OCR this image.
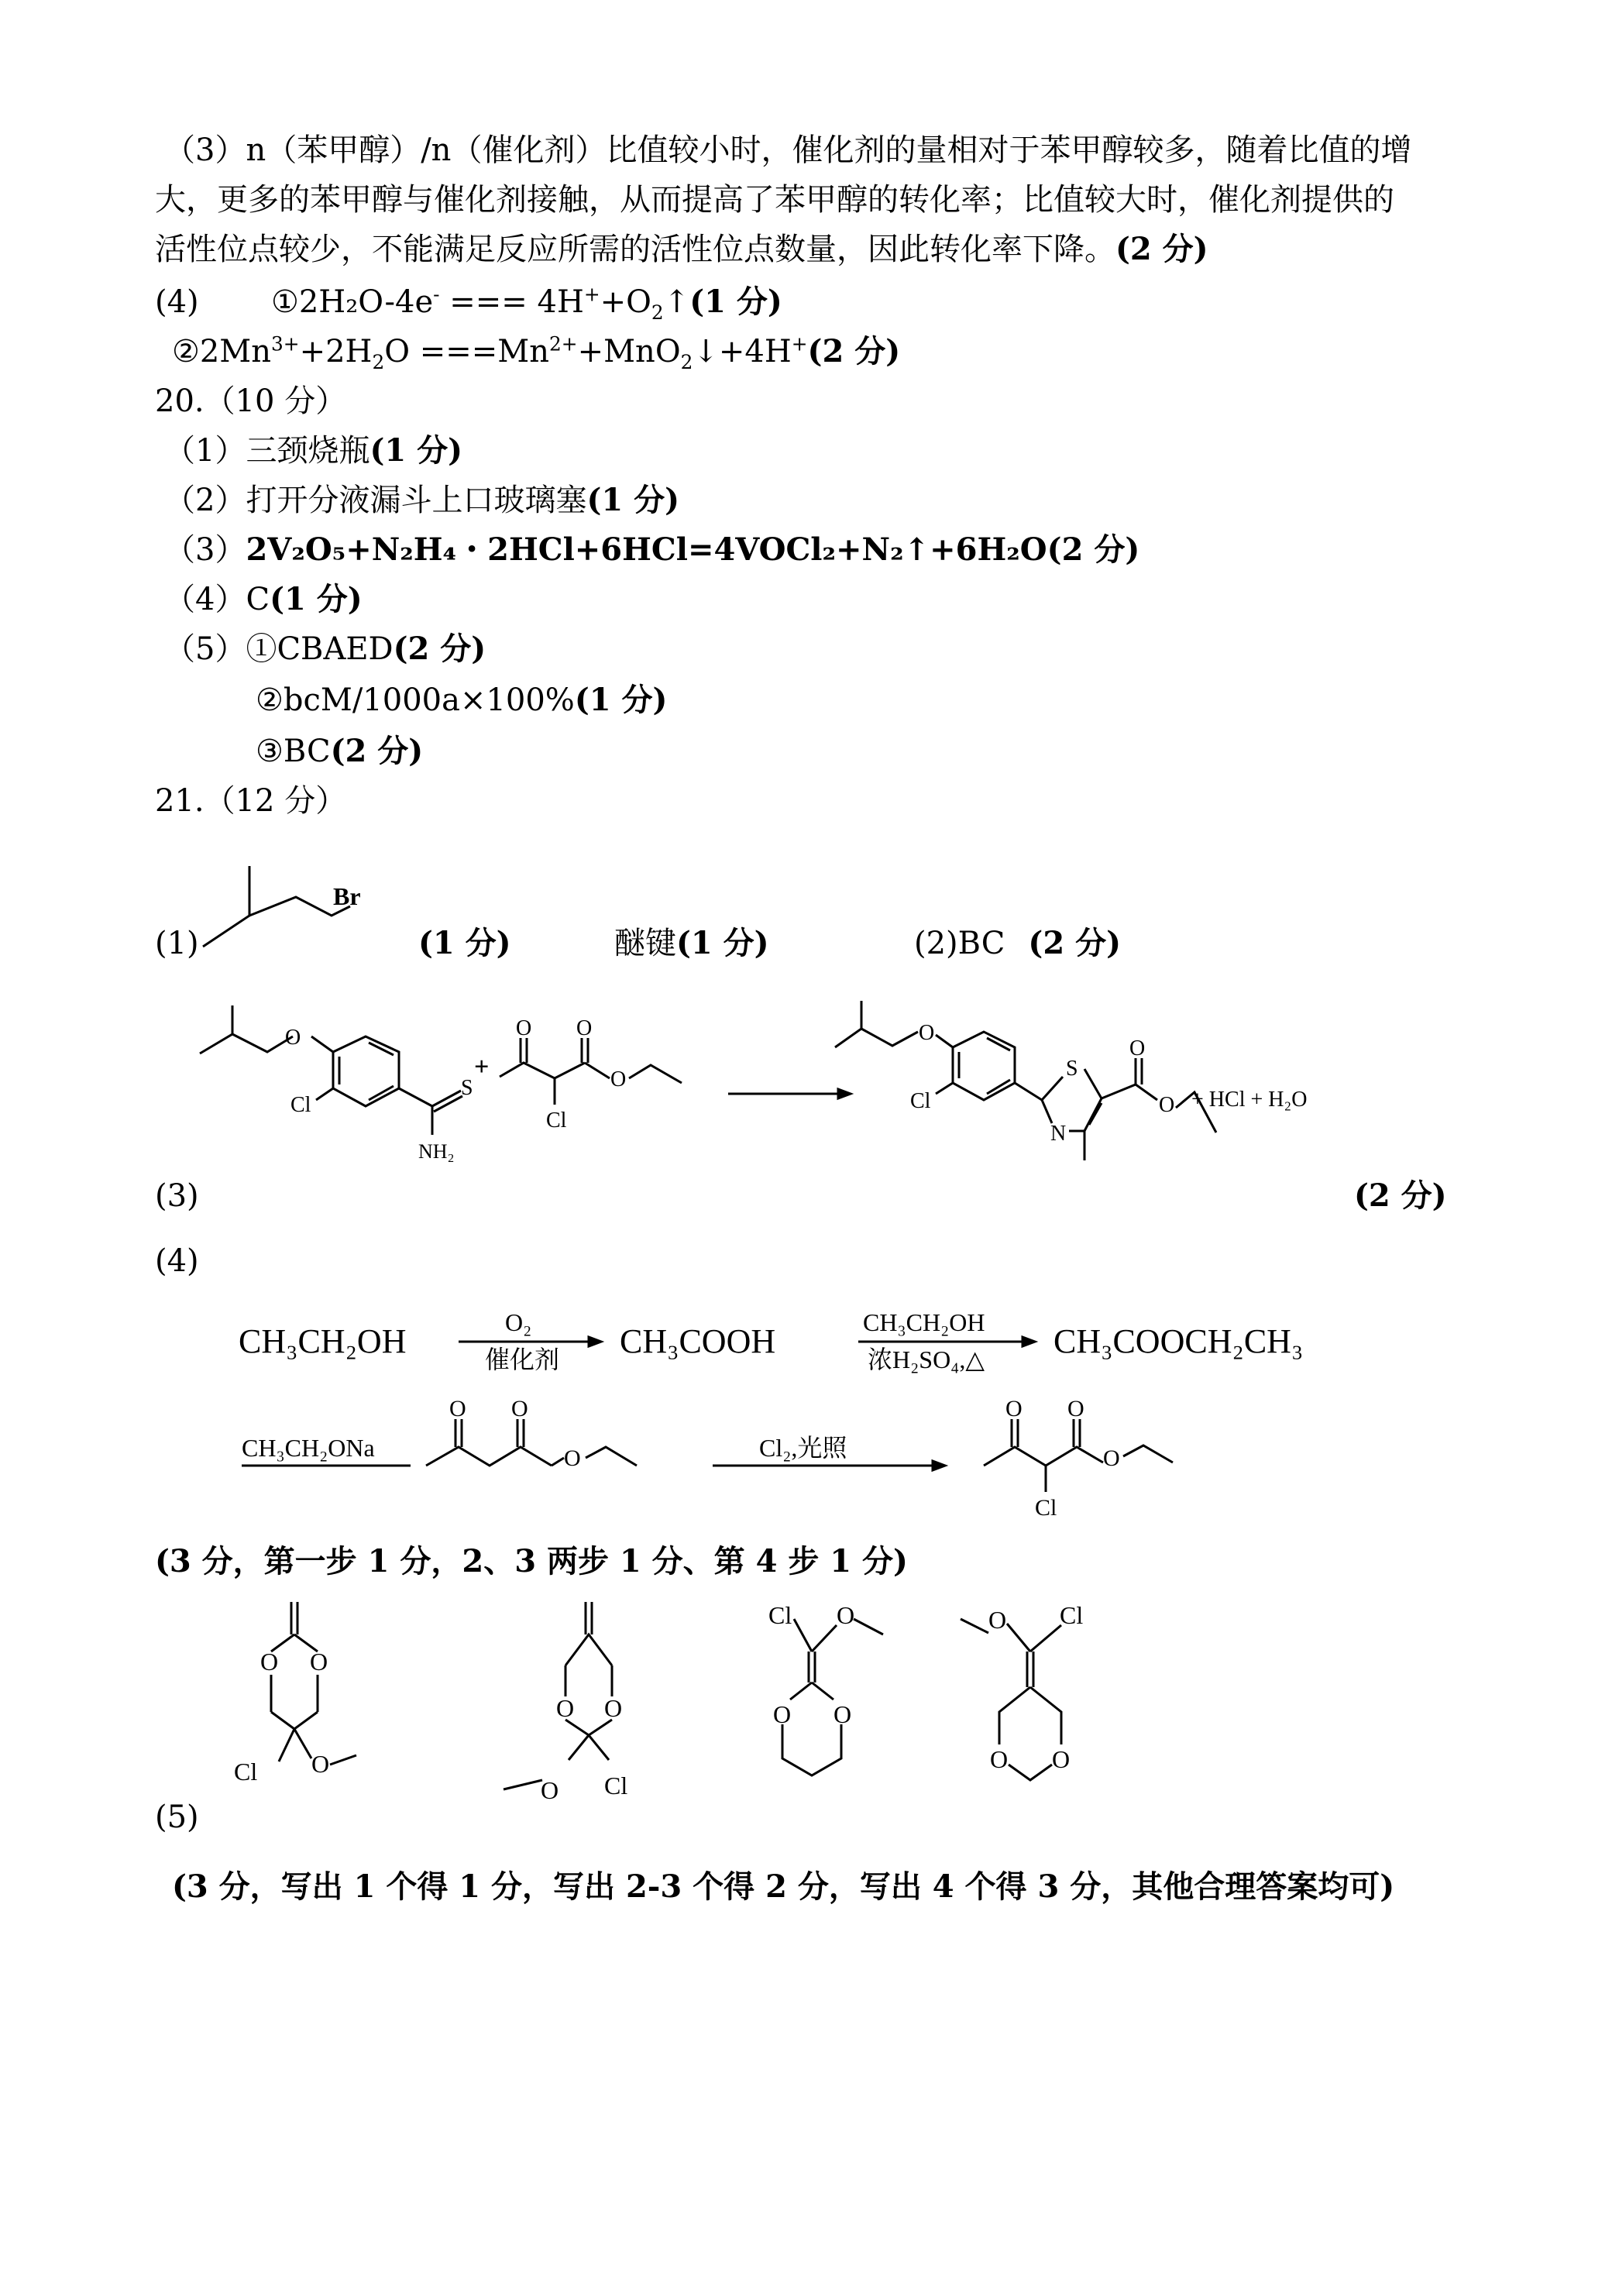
（3）n（苯甲醇）/n（催化剂）比值较小时，催化剂的量相对于苯甲醇较多，随着比值的增
大，更多的苯甲醇与催化剂接触，从而提高了苯甲醇的转化率；比值较大时，催化剂提供的
活性位点较少，不能满足反应所需的活性位点数量，因此转化率下降。(2 分)
(4) ①2H₂O-4e- === $4H^++O_2↑(1$ 分)
$②2Mn^{3+}+2H_2O$ $===Mn^{2+}+MnO_2↓+4H^+(2$ 分)
20.（10 分）
（1）三颈烧瓶(1 分)
（2）打开分液漏斗上口玻璃塞(1 分)
（3）2V₂O₅+N₂H₄・2HCl+6HCl=4VOCl₂+N₂↑+6H₂O(2 分)
（4）C(1 分)
（5）①CBAED(2 分)
②bcM/1000a×100%(1 分)
③BC(2 分)
21.（12 分）
(1)
Br
(1 分)	醚键(1 分)	(2)BC (2 分)
O
Cl
S
NH₂
+
O O
O
Cl
O
Cl
S
N
O
O + HCl + H₂O
(3)	(2 分)
(4)
CH₃CH₂OH	O₂
催化剂 CH₃COOH	CH₃CH₂OH
浓H₂SO₄,△ CH₃COOCH₂CH₃
CH₃CH₂ONa
O O
O	Cl₂,光照
O O
O
Cl
(3 分，第一步 1 分，2、3 两步 1 分、第 4 步 1 分)
(5)
O O
O
Cl
O O
O Cl
Cl O
O O
O Cl
O O
(3 分，写出 1 个得 1 分，写出 2-3 个得 2 分，写出 4 个得 3 分，其他合理答案均可)
